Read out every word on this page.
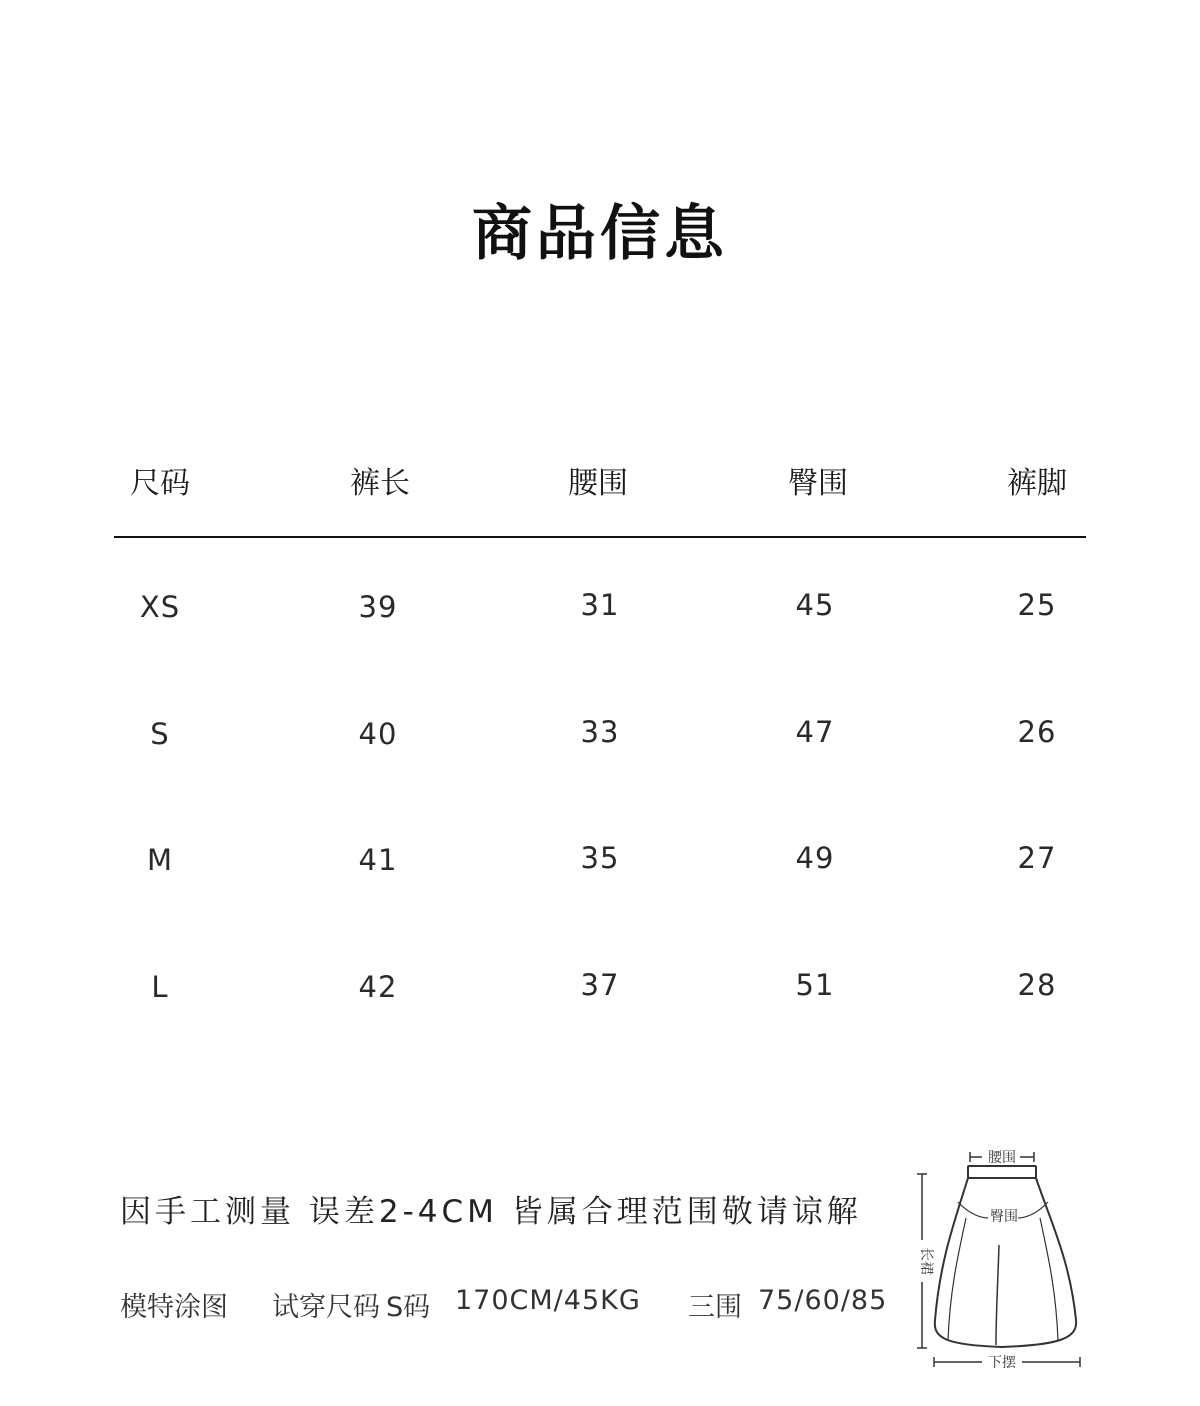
商品信息
尺码	裤长	腰围	臀围	裤脚
XS	39	31	45	25
S	40	33	47	26
M	41	35	49	27
L	42	37	51	28
因手工测量 误差2-4CM 皆属合理范围敬请谅解
模特涂图 试穿尺码 S码 170CM/45KG 三围 75/60/85
腰围
臀围
长裙
下摆
